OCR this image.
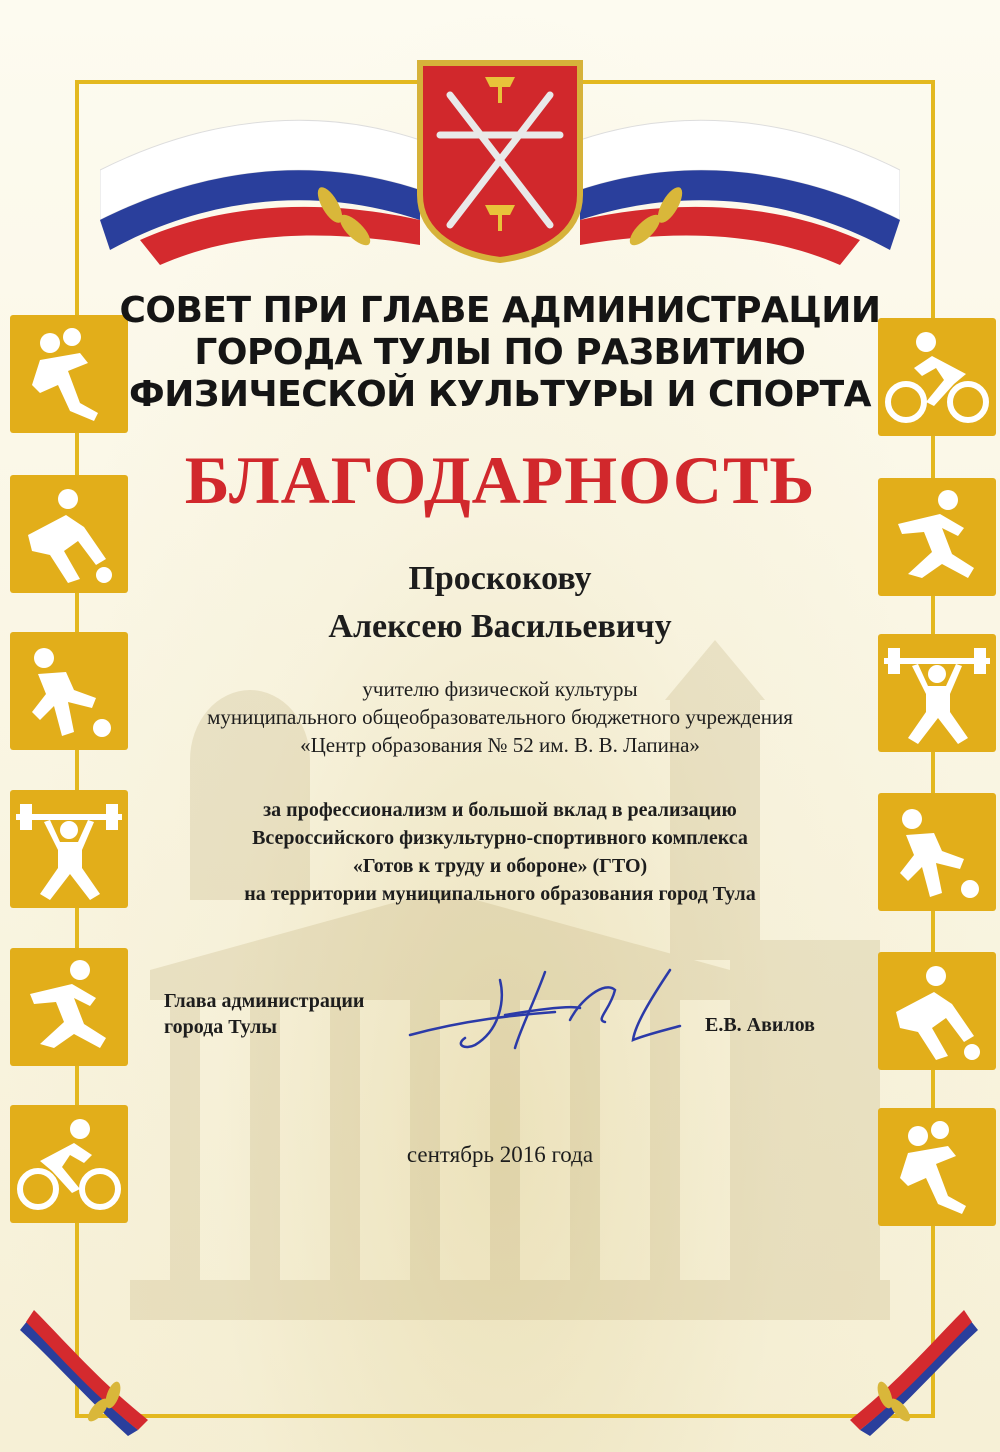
СОВЕТ ПРИ ГЛАВЕ АДМИНИСТРАЦИИ
ГОРОДА ТУЛЫ ПО РАЗВИТИЮ
ФИЗИЧЕСКОЙ КУЛЬТУРЫ И СПОРТА
БЛАГОДАРНОСТЬ
Проскокову
Алексею Васильевичу
учителю физической культуры
муниципального общеобразовательного бюджетного учреждения
«Центр образования № 52 им. В. В. Лапина»
за профессионализм и большой вклад в реализацию
Всероссийского физкультурно-спортивного комплекса
«Готов к труду и обороне» (ГТО)
на территории муниципального образования город Тула
Глава администрации
города Тулы	Е.В. Авилов
сентябрь 2016 года
